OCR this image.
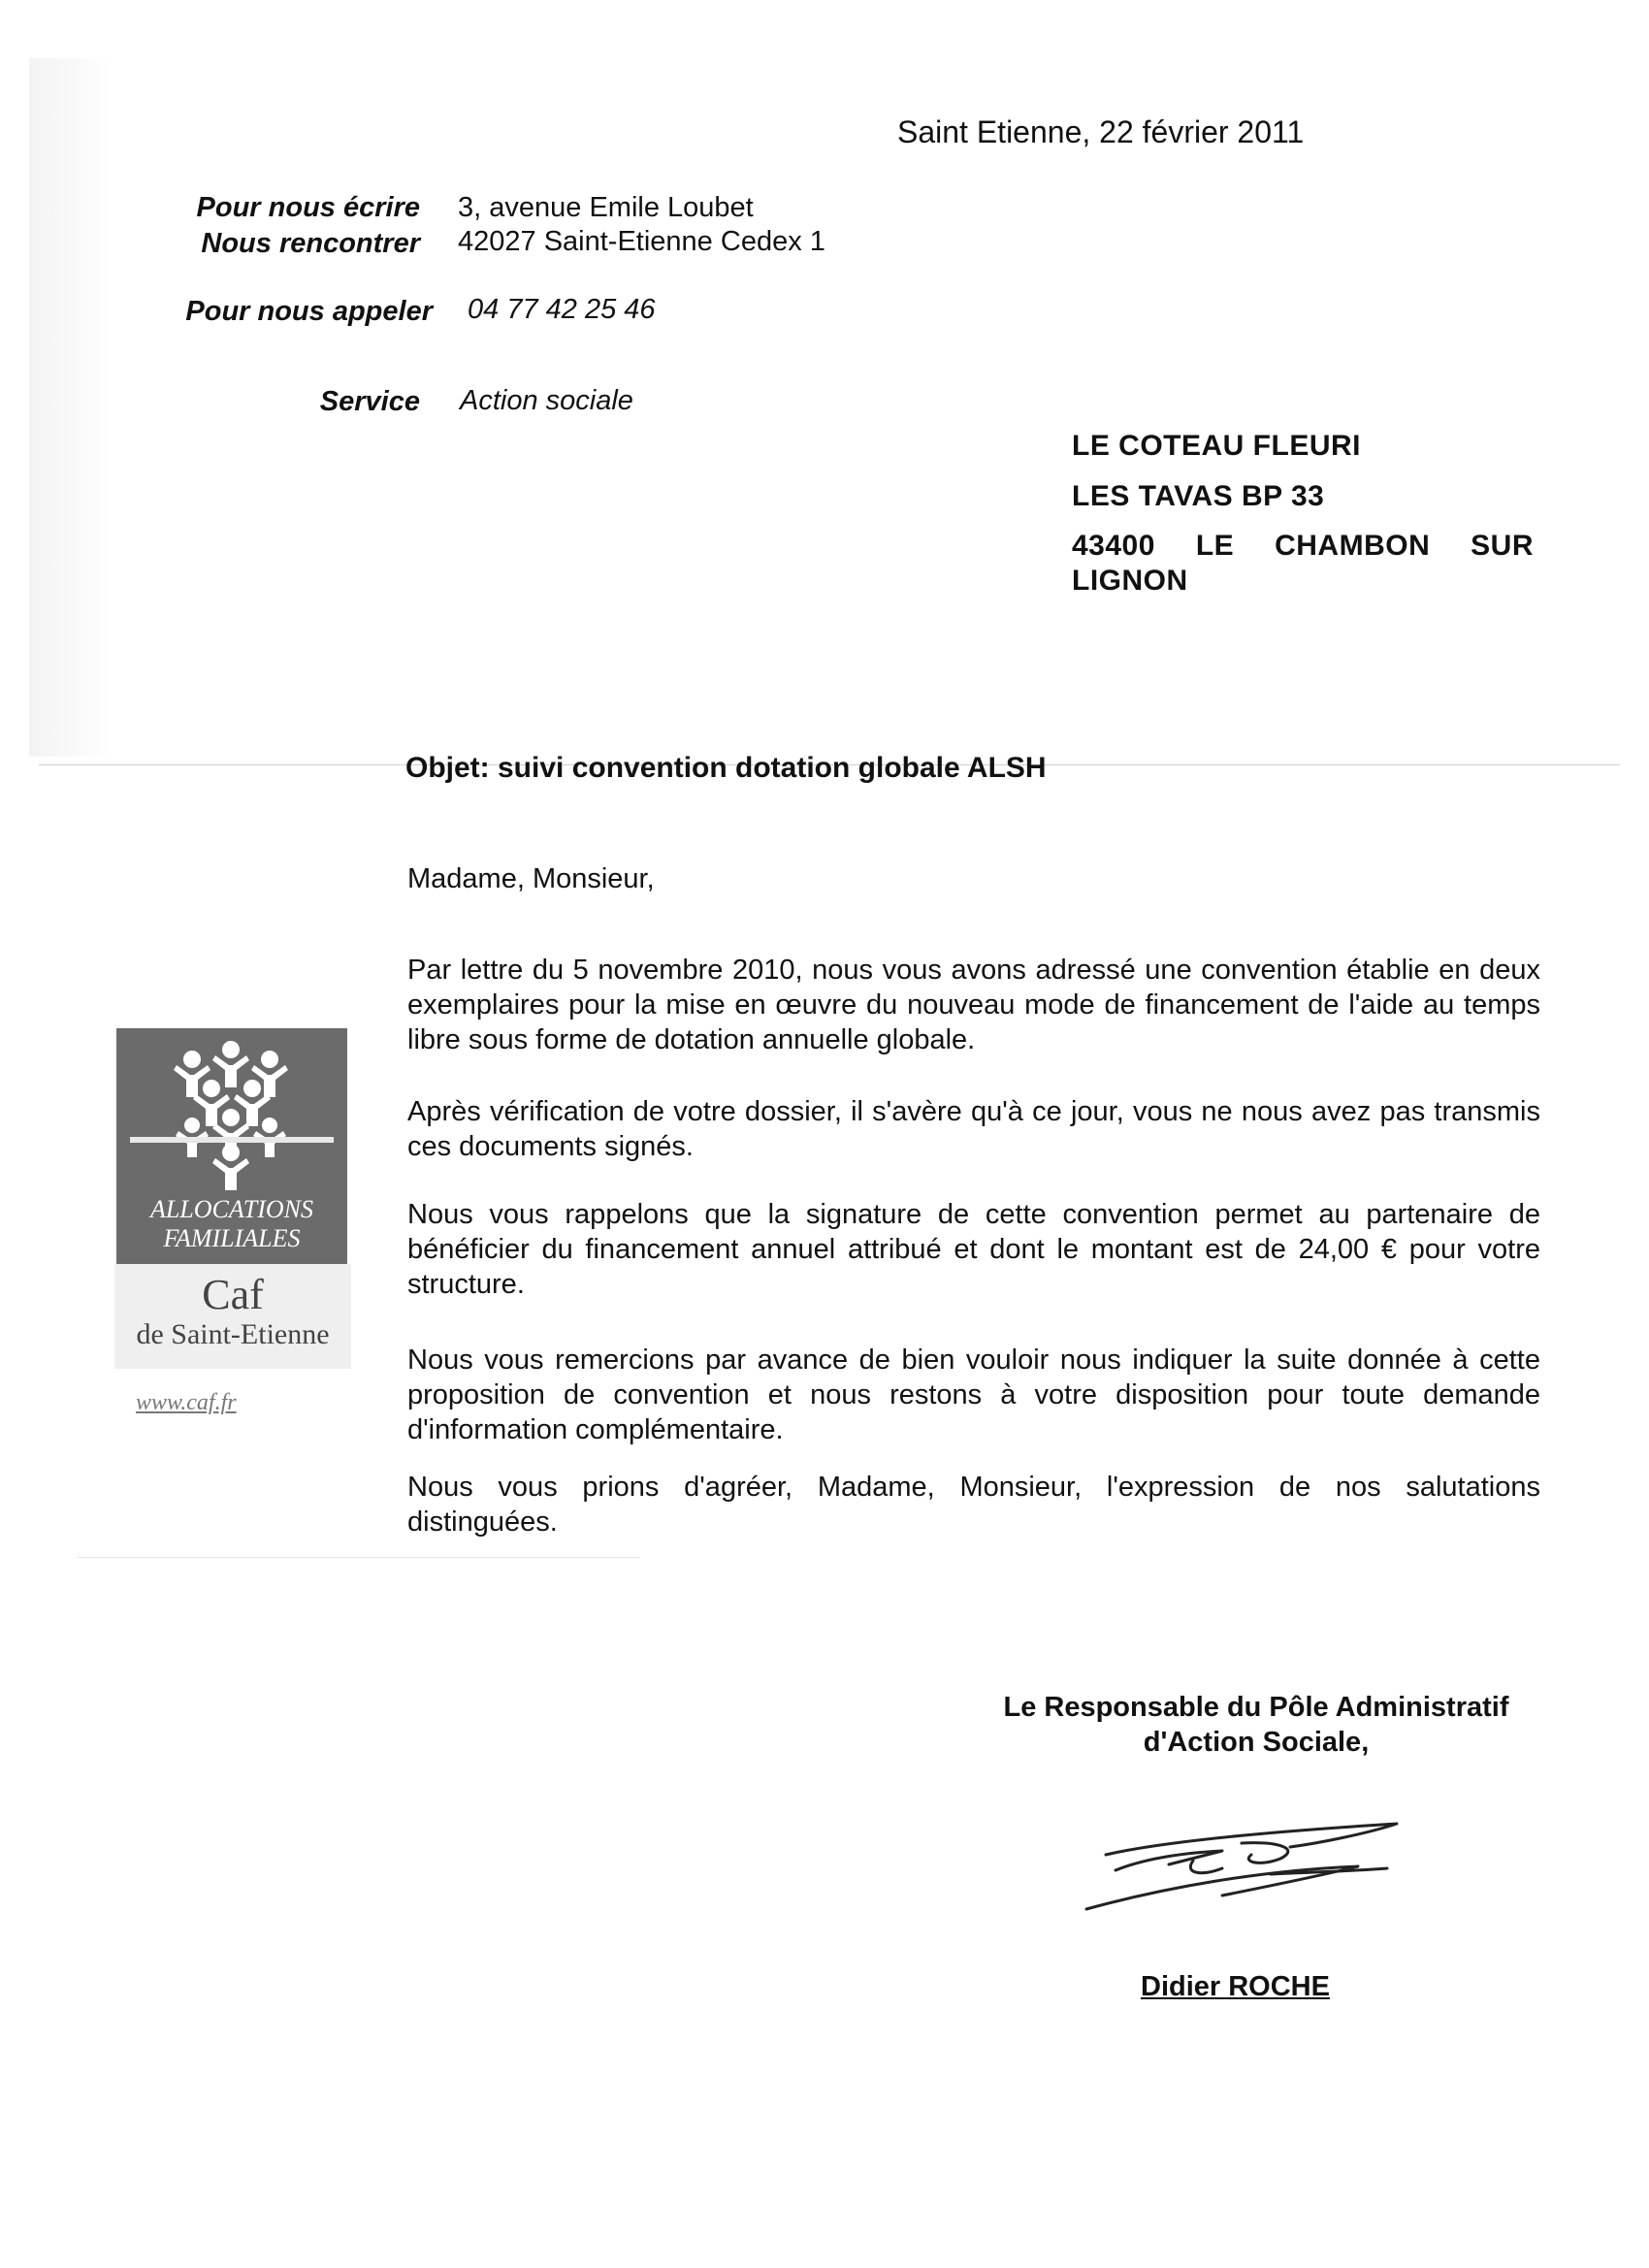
Saint Etienne, 22 février 2011
Pour nous écrire
Nous rencontrer
3, avenue Emile Loubet
42027 Saint-Etienne Cedex 1
Pour nous appeler 04 77 42 25 46
Service Action sociale
LE COTEAU FLEURI
LES TAVAS BP 33
43400 LE CHAMBON SUR
LIGNON
Objet: suivi convention dotation globale ALSH
Madame, Monsieur,
Par lettre du 5 novembre 2010, nous vous avons adressé une convention établie en deux exemplaires pour la mise en œuvre du nouveau mode de financement de l'aide au temps libre sous forme de dotation annuelle globale.
Après vérification de votre dossier, il s'avère qu'à ce jour, vous ne nous avez pas transmis ces documents signés.
Nous vous rappelons que la signature de cette convention permet au partenaire de bénéficier du financement annuel attribué et dont le montant est de 24,00 € pour votre structure.
Nous vous remercions par avance de bien vouloir nous indiquer la suite donnée à cette proposition de convention et nous restons à votre disposition pour toute demande d'information complémentaire.
Nous vous prions d'agréer, Madame, Monsieur, l'expression de nos salutations distinguées.
ALLOCATIONS
FAMILIALES
Caf
de Saint-Etienne
www.caf.fr
Le Responsable du Pôle Administratif
d'Action Sociale,
Didier ROCHE
